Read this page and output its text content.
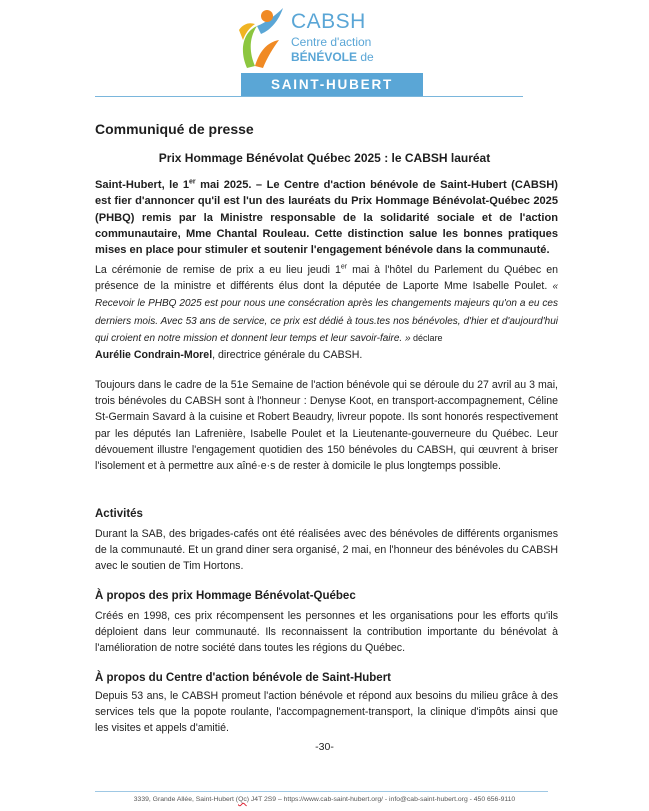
CABSH
Centre d'action
BÉNÉVOLE de
SAINT-HUBERT
Communiqué de presse
Prix Hommage Bénévolat Québec 2025 : le CABSH lauréat

Saint-Hubert, le 1er mai 2025. – Le Centre d'action bénévole de Saint-Hubert (CABSH) est fier d'annoncer qu'il est l'un des lauréats du Prix Hommage Bénévolat-Québec 2025 (PHBQ) remis par la Ministre responsable de la solidarité sociale et de l'action communautaire, Mme Chantal Rouleau. Cette distinction salue les bonnes pratiques mises en place pour stimuler et soutenir l'engagement bénévole dans la communauté.

La cérémonie de remise de prix a eu lieu jeudi 1er mai à l'hôtel du Parlement du Québec en présence de la ministre et différents élus dont la députée de Laporte Mme Isabelle Poulet. « Recevoir le PHBQ 2025 est pour nous une consécration après les changements majeurs qu'on a eu ces derniers mois. Avec 53 ans de service, ce prix est dédié à tous.tes nos bénévoles, d'hier et d'aujourd'hui qui croient en notre mission et donnent leur temps et leur savoir-faire. » déclare
Aurélie Condrain-Morel, directrice générale du CABSH.

Toujours dans le cadre de la 51e Semaine de l'action bénévole qui se déroule du 27 avril au 3 mai, trois bénévoles du CABSH sont à l'honneur : Denyse Koot, en transport-accompagnement, Céline St-Germain Savard à la cuisine et Robert Beaudry, livreur popote. Ils sont honorés respectivement par les députés Ian Lafrenière, Isabelle Poulet et la Lieutenante-gouverneure du Québec. Leur dévouement illustre l'engagement quotidien des 150 bénévoles du CABSH, qui œuvrent à briser l'isolement et à permettre aux aîné·e·s de rester à domicile le plus longtemps possible.

Activités

Durant la SAB, des brigades-cafés ont été réalisées avec des bénévoles de différents organismes de la communauté. Et un grand diner sera organisé, 2 mai, en l'honneur des bénévoles du CABSH avec le soutien de Tim Hortons.

À propos des prix Hommage Bénévolat-Québec

Créés en 1998, ces prix récompensent les personnes et les organisations pour les efforts qu'ils déploient dans leur communauté. Ils reconnaissent la contribution importante du bénévolat à l'amélioration de notre société dans toutes les régions du Québec.

À propos du Centre d'action bénévole de Saint-Hubert

Depuis 53 ans, le CABSH promeut l'action bénévole et répond aux besoins du milieu grâce à des services tels que la popote roulante, l'accompagnement-transport, la clinique d'impôts ainsi que les visites et appels d'amitié.

-30-
3339, Grande Allée, Saint-Hubert (Qc) J4T 2S9 – https://www.cab-saint-hubert.org/ - info@cab-saint-hubert.org - 450 656-9110
